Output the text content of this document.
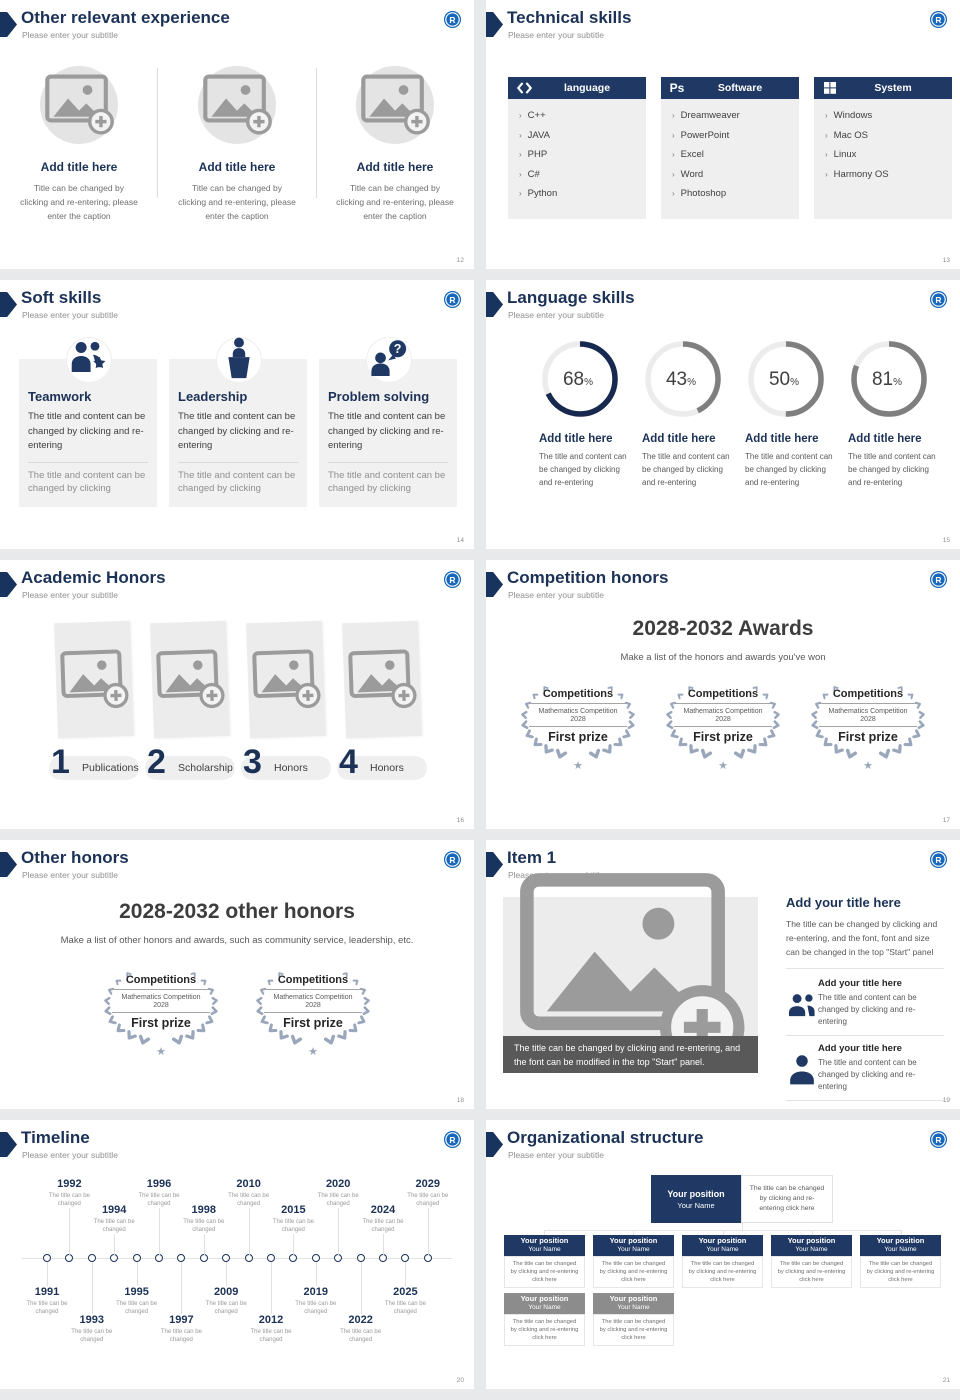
Other relevant experience
Please enter your subtitle
R
Add title here
Title can be changed by clicking and re-entering, please enter the caption
Add title here
Title can be changed by clicking and re-entering, please enter the caption
Add title here
Title can be changed by clicking and re-entering, please enter the caption
12
Technical skills
Please enter your subtitle
R
language
› C++
› JAVA
› PHP
› C#
› Python
Ps	Software
› Dreamweaver
› PowerPoint
› Excel
› Word
› Photoshop
System
› Windows
› Mac OS
› Linux
› Harmony OS
13
Soft skills
Please enter your subtitle
R
Teamwork
The title and content can be changed by clicking and re-entering
The title and content can be changed by clicking
Leadership
The title and content can be changed by clicking and re-entering
The title and content can be changed by clicking
?
Problem solving
The title and content can be changed by clicking and re-entering
The title and content can be changed by clicking
14
Language skills
Please enter your subtitle
R
68%
Add title here
The title and content can be changed by clicking and re-entering
43%
Add title here
The title and content can be changed by clicking and re-entering
50%
Add title here
The title and content can be changed by clicking and re-entering
81%
Add title here
The title and content can be changed by clicking and re-entering
15
Academic Honors
Please enter your subtitle
R
1 Publications 2 Scholarship 3 Honors 4 Honors
16
Competition honors
Please enter your subtitle
R
2028-2032 Awards
Make a list of the honors and awards you've won
★
Competitions
Mathematics Competition
2028
First prize
★
Competitions
Mathematics Competition
2028
First prize
★
Competitions
Mathematics Competition
2028
First prize
17
Other honors
Please enter your subtitle
R
2028-2032 other honors
Make a list of other honors and awards, such as community service, leadership, etc.
★
Competitions
Mathematics Competition
2028
First prize
★
Competitions
Mathematics Competition
2028
First prize
18
Item 1
Please enter your subtitle
R
The title can be changed by clicking and re-entering, and the font can be modified in the top "Start" panel.
Add your title here
The title can be changed by clicking and re-entering, and the font, font and size can be changed in the top "Start" panel
Add your title here
The title and content can be changed by clicking and re-entering
Add your title here
The title and content can be changed by clicking and re-entering
19
Timeline
Please enter your subtitle
R
1991
The title can be changed
1992
The title can be changed
1993
The title can be changed
1994
The title can be changed
1995
The title can be changed
1996
The title can be changed
1997
The title can be changed
1998
The title can be changed
2009
The title can be changed
2010
The title can be changed
2012
The title can be changed
2015
The title can be changed
2019
The title can be changed
2020
The title can be changed
2022
The title can be changed
2024
The title can be changed
2025
The title can be changed
2029
The title can be changed
20
Organizational structure
Please enter your subtitle
R
Your position
Your Name
The title can be changed by clicking and re-entering click here
Your position
Your Name
The title can be changed by clicking and re-entering click here
Your position
Your Name
The title can be changed by clicking and re-entering click here
Your position
Your Name
The title can be changed by clicking and re-entering click here
Your position
Your Name
The title can be changed by clicking and re-entering click here
Your position
Your Name
The title can be changed by clicking and re-entering click here
Your position
Your Name
The title can be changed by clicking and re-entering click here
Your position
Your Name
The title can be changed by clicking and re-entering click here
21
